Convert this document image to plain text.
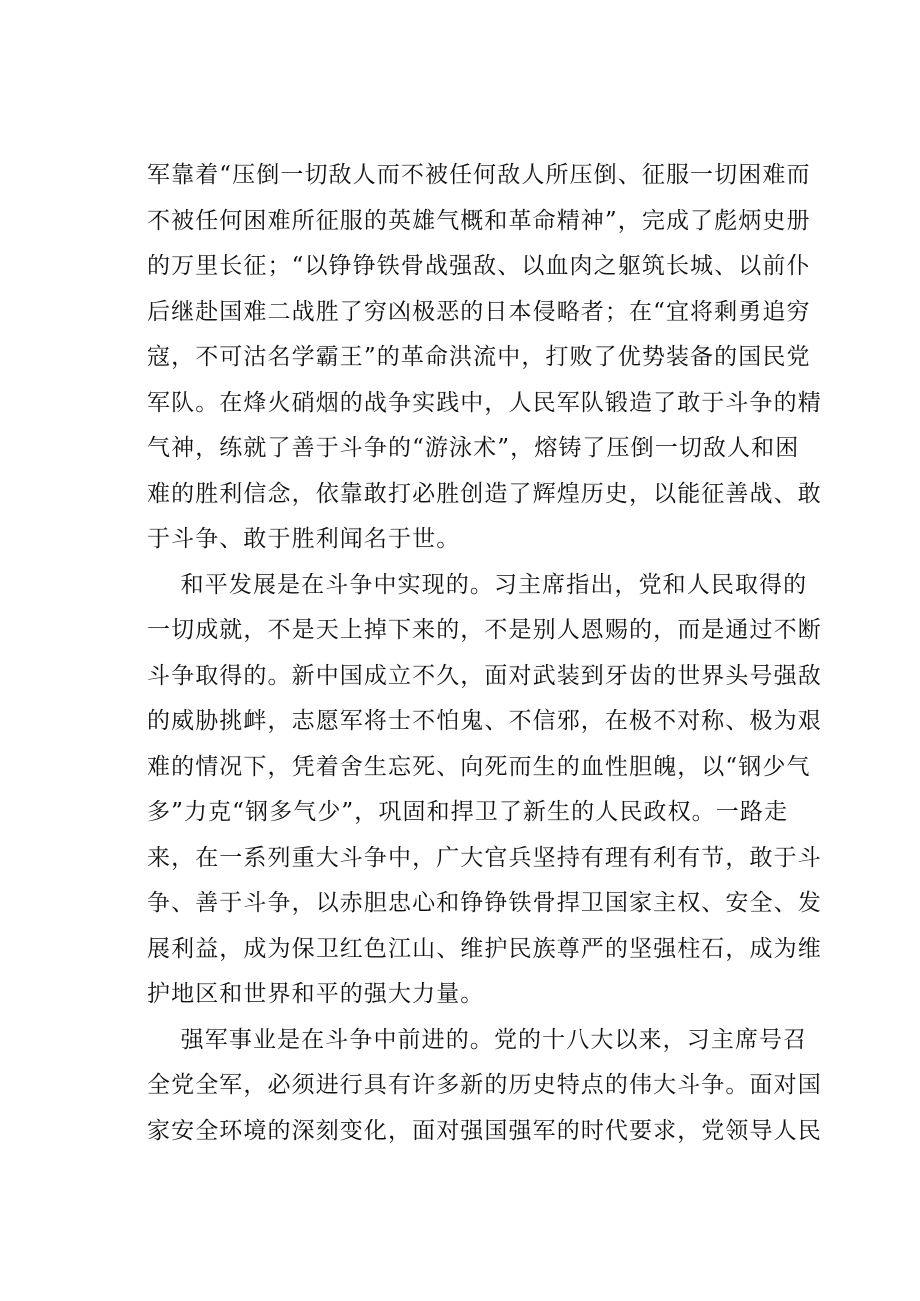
军靠着“压倒一切敌人而不被任何敌人所压倒、征服一切困难而
不被任何困难所征服的英雄气概和革命精神”，完成了彪炳史册
的万里长征；“以铮铮铁骨战强敌、以血肉之躯筑长城、以前仆
后继赴国难二战胜了穷凶极恶的日本侵略者；在“宜将剩勇追穷
寇，不可沽名学霸王”的革命洪流中，打败了优势装备的国民党
军队。在烽火硝烟的战争实践中，人民军队锻造了敢于斗争的精
气神，练就了善于斗争的“游泳术”，熔铸了压倒一切敌人和困
难的胜利信念，依靠敢打必胜创造了辉煌历史，以能征善战、敢
于斗争、敢于胜利闻名于世。
和平发展是在斗争中实现的。习主席指出，党和人民取得的
一切成就，不是天上掉下来的，不是别人恩赐的，而是通过不断
斗争取得的。新中国成立不久，面对武装到牙齿的世界头号强敌
的威胁挑衅，志愿军将士不怕鬼、不信邪，在极不对称、极为艰
难的情况下，凭着舍生忘死、向死而生的血性胆魄，以“钢少气
多”力克“钢多气少”，巩固和捍卫了新生的人民政权。一路走
来，在一系列重大斗争中，广大官兵坚持有理有利有节，敢于斗
争、善于斗争，以赤胆忠心和铮铮铁骨捍卫国家主权、安全、发
展利益，成为保卫红色江山、维护民族尊严的坚强柱石，成为维
护地区和世界和平的强大力量。
强军事业是在斗争中前进的。党的十八大以来，习主席号召
全党全军，必须进行具有许多新的历史特点的伟大斗争。面对国
家安全环境的深刻变化，面对强国强军的时代要求，党领导人民
